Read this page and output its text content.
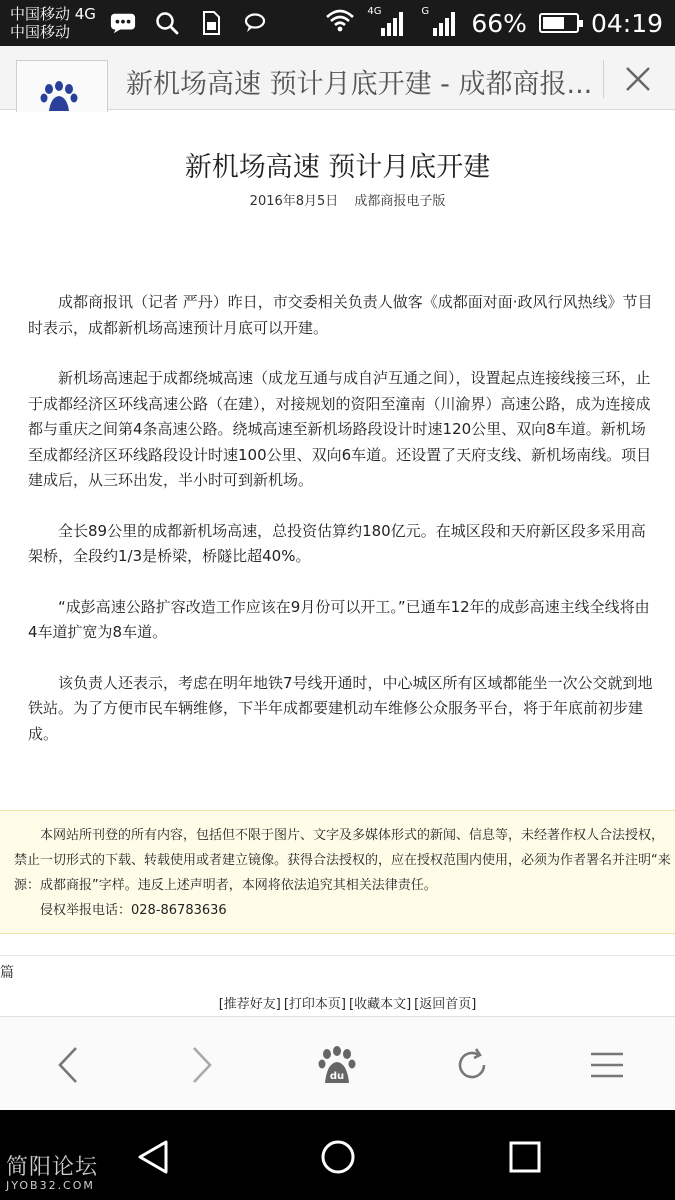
中国移动 4G
中国移动
4G	G 66%	04:19
新机场高速 预计月底开建 - 成都商报...
新机场高速 预计月底开建
2016年8月5日 成都商报电子版

成都商报讯（记者 严丹）昨日，市交委相关负责人做客《成都面对面·政风行风热线》节目时表示，成都新机场高速预计月底可以开建。

新机场高速起于成都绕城高速（成龙互通与成自泸互通之间），设置起点连接线接三环，止于成都经济区环线高速公路（在建），对接规划的资阳至潼南（川渝界）高速公路，成为连接成都与重庆之间第4条高速公路。绕城高速至新机场路段设计时速120公里、双向8车道。新机场至成都经济区环线路段设计时速100公里、双向6车道。还设置了天府支线、新机场南线。项目建成后，从三环出发，半小时可到新机场。

全长89公里的成都新机场高速，总投资估算约180亿元。在城区段和天府新区段多采用高架桥，全段约1/3是桥梁，桥隧比超40%。

“成彭高速公路扩容改造工作应该在9月份可以开工。”已通车12年的成彭高速主线全线将由4车道扩宽为8车道。

该负责人还表示，考虑在明年地铁7号线开通时，中心城区所有区域都能坐一次公交就到地铁站。为了方便市民车辆维修，下半年成都要建机动车维修公众服务平台，将于年底前初步建成。

本网站所刊登的所有内容，包括但不限于图片、文字及多媒体形式的新闻、信息等，未经著作权人合法授权，禁止一切形式的下载、转载使用或者建立镜像。获得合法授权的，应在授权范围内使用，必须为作者署名并注明“来源：成都商报”字样。违反上述声明者，本网将依法追究其相关法律责任。

侵权举报电话：028-86783636

篇
[推荐好友] [打印本页] [收藏本文] [返回首页]
du
简阳论坛
JYOB32.COM
